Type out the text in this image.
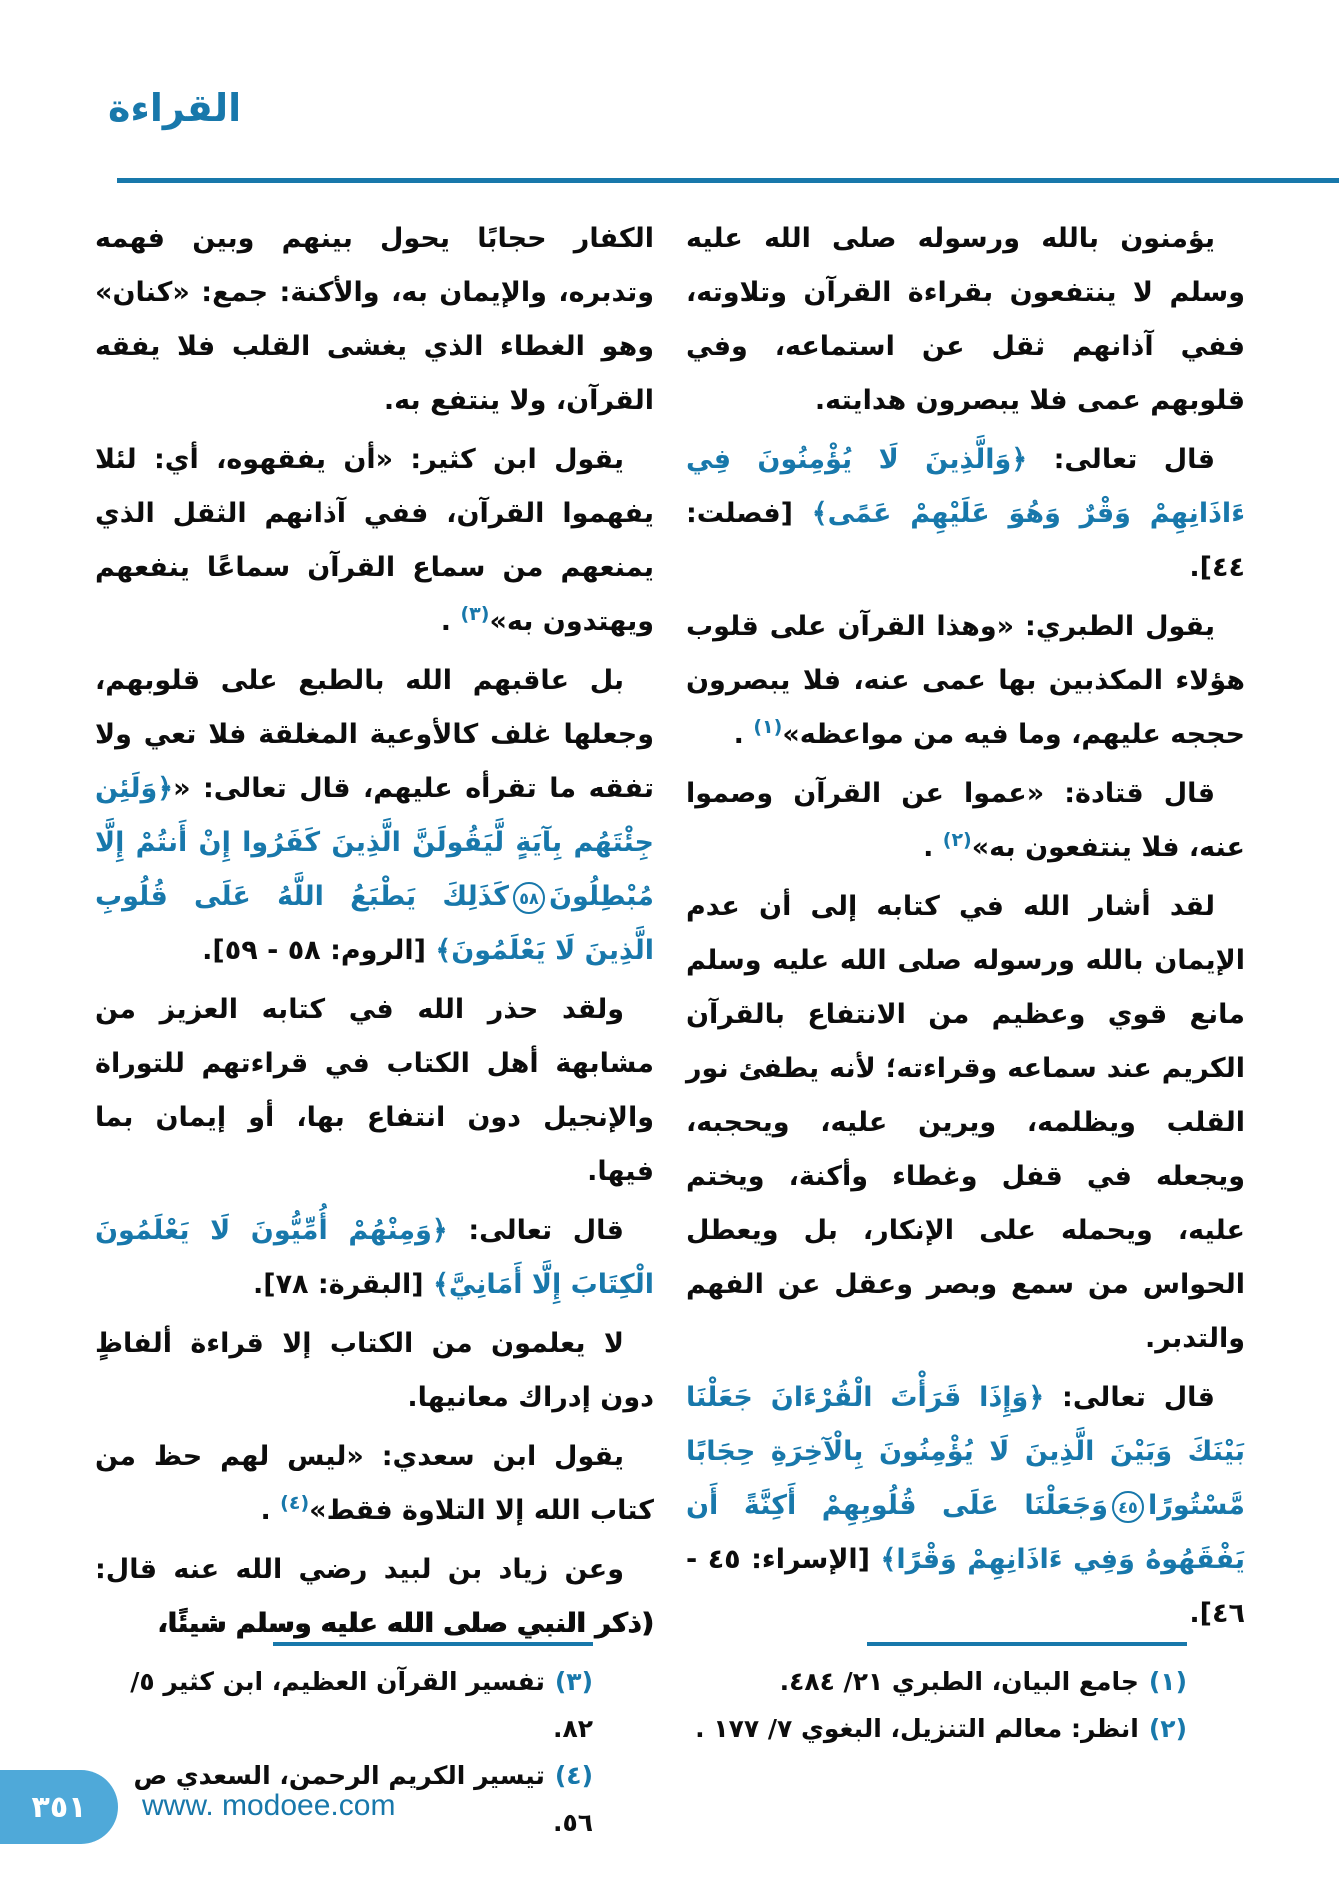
القراءة

يؤمنون بالله ورسوله صلى الله عليه وسلم لا ينتفعون بقراءة القرآن وتلاوته، ففي آذانهم ثقل عن استماعه، وفي قلوبهم عمى فلا يبصرون هدايته.

قال تعالى: ﴿وَالَّذِينَ لَا يُؤْمِنُونَ فِي ءَاذَانِهِمْ وَقْرٌ وَهُوَ عَلَيْهِمْ عَمًى﴾ [فصلت: ٤٤].

يقول الطبري: «وهذا القرآن على قلوب هؤلاء المكذبين بها عمى عنه، فلا يبصرون حججه عليهم، وما فيه من مواعظه»$^{(١)}$ .

قال قتادة: «عموا عن القرآن وصموا عنه، فلا ينتفعون به»$^{(٢)}$ .

لقد أشار الله في كتابه إلى أن عدم الإيمان بالله ورسوله صلى الله عليه وسلم مانع قوي وعظيم من الانتفاع بالقرآن الكريم عند سماعه وقراءته؛ لأنه يطفئ نور القلب ويظلمه، ويرين عليه، ويحجبه، ويجعله في قفل وغطاء وأكنة، ويختم عليه، ويحمله على الإنكار، بل ويعطل الحواس من سمع وبصر وعقل عن الفهم والتدبر.

قال تعالى: ﴿وَإِذَا قَرَأْتَ الْقُرْءَانَ جَعَلْنَا بَيْنَكَ وَبَيْنَ الَّذِينَ لَا يُؤْمِنُونَ بِالْآخِرَةِ حِجَابًا مَّسْتُورًا٤٥وَجَعَلْنَا عَلَى قُلُوبِهِمْ أَكِنَّةً أَن يَفْقَهُوهُ وَفِي ءَاذَانِهِمْ وَقْرًا﴾ [الإسراء: ٤٥ - ٤٦].

الكفار حجابًا يحول بينهم وبين فهمه وتدبره، والإيمان به، والأكنة: جمع: «كنان» وهو الغطاء الذي يغشى القلب فلا يفقه القرآن، ولا ينتفع به.

يقول ابن كثير: «أن يفقهوه، أي: لئلا يفهموا القرآن، ففي آذانهم الثقل الذي يمنعهم من سماع القرآن سماعًا ينفعهم ويهتدون به»$^{(٣)}$ .

بل عاقبهم الله بالطبع على قلوبهم، وجعلها غلف كالأوعية المغلقة فلا تعي ولا تفقه ما تقرأه عليهم، قال تعالى: «﴿وَلَئِن جِئْتَهُم بِآيَةٍ لَّيَقُولَنَّ الَّذِينَ كَفَرُوا إِنْ أَنتُمْ إِلَّا مُبْطِلُونَ٥٨كَذَلِكَ يَطْبَعُ اللَّهُ عَلَى قُلُوبِ الَّذِينَ لَا يَعْلَمُونَ﴾ [الروم: ٥٨ - ٥٩].

ولقد حذر الله في كتابه العزيز من مشابهة أهل الكتاب في قراءتهم للتوراة والإنجيل دون انتفاع بها، أو إيمان بما فيها.

قال تعالى: ﴿وَمِنْهُمْ أُمِّيُّونَ لَا يَعْلَمُونَ الْكِتَابَ إِلَّا أَمَانِيَّ﴾ [البقرة: ٧٨].

لا يعلمون من الكتاب إلا قراءة ألفاظٍ دون إدراك معانيها.

يقول ابن سعدي: «ليس لهم حظ من كتاب الله إلا التلاوة فقط»$^{(٤)}$ .

وعن زياد بن لبيد رضي الله عنه قال: (ذكر النبي صلى الله عليه وسلم شيئًا،

(١)جامع البيان، الطبري ٢١/ ٤٨٤.
(٢)انظر: معالم التنزيل، البغوي ٧/ ١٧٧ .
(٣)تفسير القرآن العظيم، ابن كثير ٥/ ٨٢.
(٤)تيسير الكريم الرحمن، السعدي ص ٥٦.
٣٥١ www. modoee.com
